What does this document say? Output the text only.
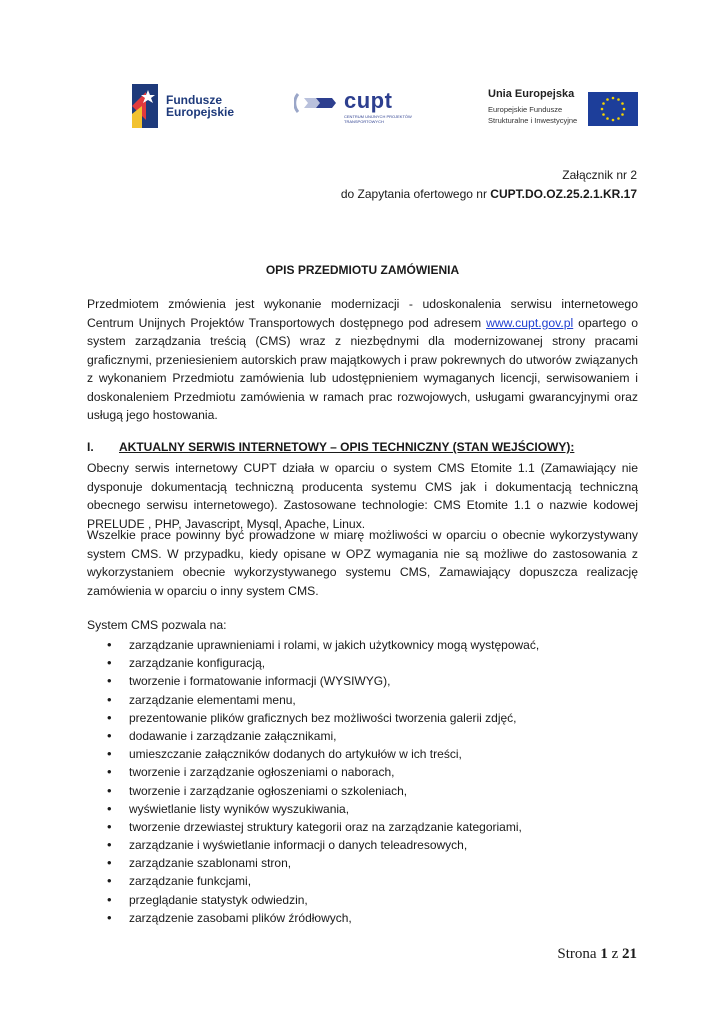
Fundusze
Europejskie	cupt
CENTRUM UNIJNYCH PROJEKTÓW TRANSPORTOWYCH
Unia Europejska
Europejskie Fundusze
Strukturalne i Inwestycyjne
Załącznik nr 2
do Zapytania ofertowego nr CUPT.DO.OZ.25.2.1.KR.17
OPIS PRZEDMIOTU ZAMÓWIENIA
Przedmiotem zmówienia jest wykonanie modernizacji - udoskonalenia serwisu internetowego Centrum Unijnych Projektów Transportowych dostępnego pod adresem www.cupt.gov.pl opartego o system zarządzania treścią (CMS) wraz z niezbędnymi dla modernizowanej strony pracami graficznymi, przeniesieniem autorskich praw majątkowych i praw pokrewnych do utworów związanych z wykonaniem Przedmiotu zamówienia lub udostępnieniem wymaganych licencji, serwisowaniem i doskonaleniem Przedmiotu zamówienia w ramach prac rozwojowych, usługami gwarancyjnymi oraz usługą jego hostowania.
I. AKTUALNY SERWIS INTERNETOWY – OPIS TECHNICZNY (STAN WEJŚCIOWY):
Obecny serwis internetowy CUPT działa w oparciu o system CMS Etomite 1.1 (Zamawiający nie dysponuje dokumentacją techniczną producenta systemu CMS jak i dokumentacją techniczną obecnego serwisu internetowego). Zastosowane technologie: CMS Etomite 1.1 o nazwie kodowej PRELUDE , PHP, Javascript, Mysql, Apache, Linux.
Wszelkie prace powinny być prowadzone w miarę możliwości w oparciu o obecnie wykorzystywany system CMS. W przypadku, kiedy opisane w OPZ wymagania nie są możliwe do zastosowania z wykorzystaniem obecnie wykorzystywanego systemu CMS, Zamawiający dopuszcza realizację zamówienia w oparciu o inny system CMS.
System CMS pozwala na:
• zarządzanie uprawnieniami i rolami, w jakich użytkownicy mogą występować,
• zarządzanie konfiguracją,
• tworzenie i formatowanie informacji (WYSIWYG),
• zarządzanie elementami menu,
• prezentowanie plików graficznych bez możliwości tworzenia galerii zdjęć,
• dodawanie i zarządzanie załącznikami,
• umieszczanie załączników dodanych do artykułów w ich treści,
• tworzenie i zarządzanie ogłoszeniami o naborach,
• tworzenie i zarządzanie ogłoszeniami o szkoleniach,
• wyświetlanie listy wyników wyszukiwania,
• tworzenie drzewiastej struktury kategorii oraz na zarządzanie kategoriami,
• zarządzanie i wyświetlanie informacji o danych teleadresowych,
• zarządzanie szablonami stron,
• zarządzanie funkcjami,
• przeglądanie statystyk odwiedzin,
• zarządzenie zasobami plików źródłowych,
Strona 1 z 21
